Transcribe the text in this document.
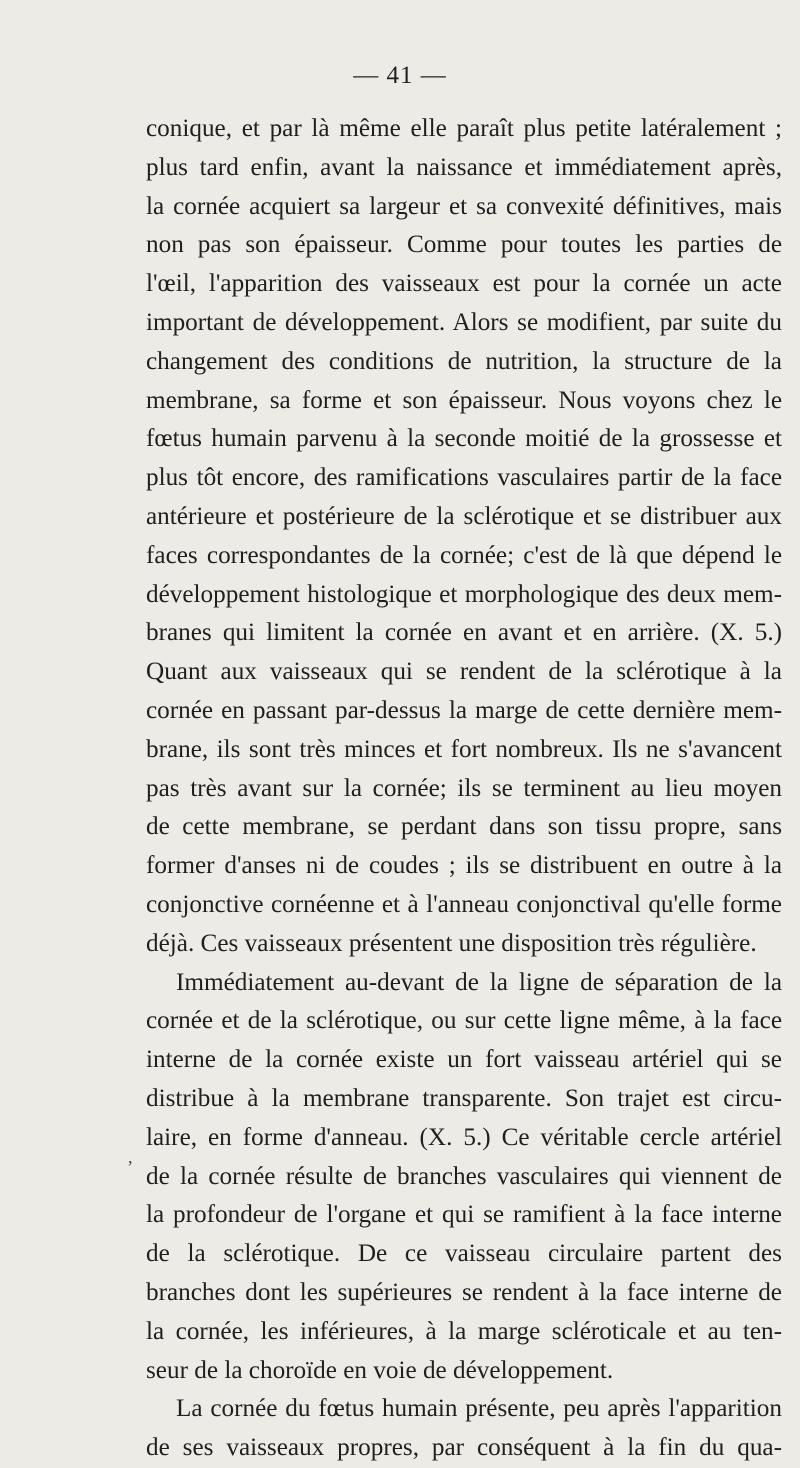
— 41 —
conique, et par là même elle paraît plus petite latéralement ;
plus tard enfin, avant la naissance et immédiatement après,
la cornée acquiert sa largeur et sa convexité définitives, mais
non pas son épaisseur. Comme pour toutes les parties de
l'œil, l'apparition des vaisseaux est pour la cornée un acte
important de développement. Alors se modifient, par suite du
changement des conditions de nutrition, la structure de la
membrane, sa forme et son épaisseur. Nous voyons chez le
fœtus humain parvenu à la seconde moitié de la grossesse et
plus tôt encore, des ramifications vasculaires partir de la face
antérieure et postérieure de la sclérotique et se distribuer aux
faces correspondantes de la cornée; c'est de là que dépend le
développement histologique et morphologique des deux mem-
branes qui limitent la cornée en avant et en arrière. (X. 5.)
Quant aux vaisseaux qui se rendent de la sclérotique à la
cornée en passant par-dessus la marge de cette dernière mem-
brane, ils sont très minces et fort nombreux. Ils ne s'avancent
pas très avant sur la cornée; ils se terminent au lieu moyen
de cette membrane, se perdant dans son tissu propre, sans
former d'anses ni de coudes ; ils se distribuent en outre à la
conjonctive cornéenne et à l'anneau conjonctival qu'elle forme
déjà. Ces vaisseaux présentent une disposition très régulière.
Immédiatement au-devant de la ligne de séparation de la
cornée et de la sclérotique, ou sur cette ligne même, à la face
interne de la cornée existe un fort vaisseau artériel qui se
distribue à la membrane transparente. Son trajet est circu-
laire, en forme d'anneau. (X. 5.) Ce véritable cercle artériel
de la cornée résulte de branches vasculaires qui viennent de
la profondeur de l'organe et qui se ramifient à la face interne
de la sclérotique. De ce vaisseau circulaire partent des
branches dont les supérieures se rendent à la face interne de
la cornée, les inférieures, à la marge scléroticale et au ten-
seur de la choroïde en voie de développement.
La cornée du fœtus humain présente, peu après l'apparition
de ses vaisseaux propres, par conséquent à la fin du qua-
,
